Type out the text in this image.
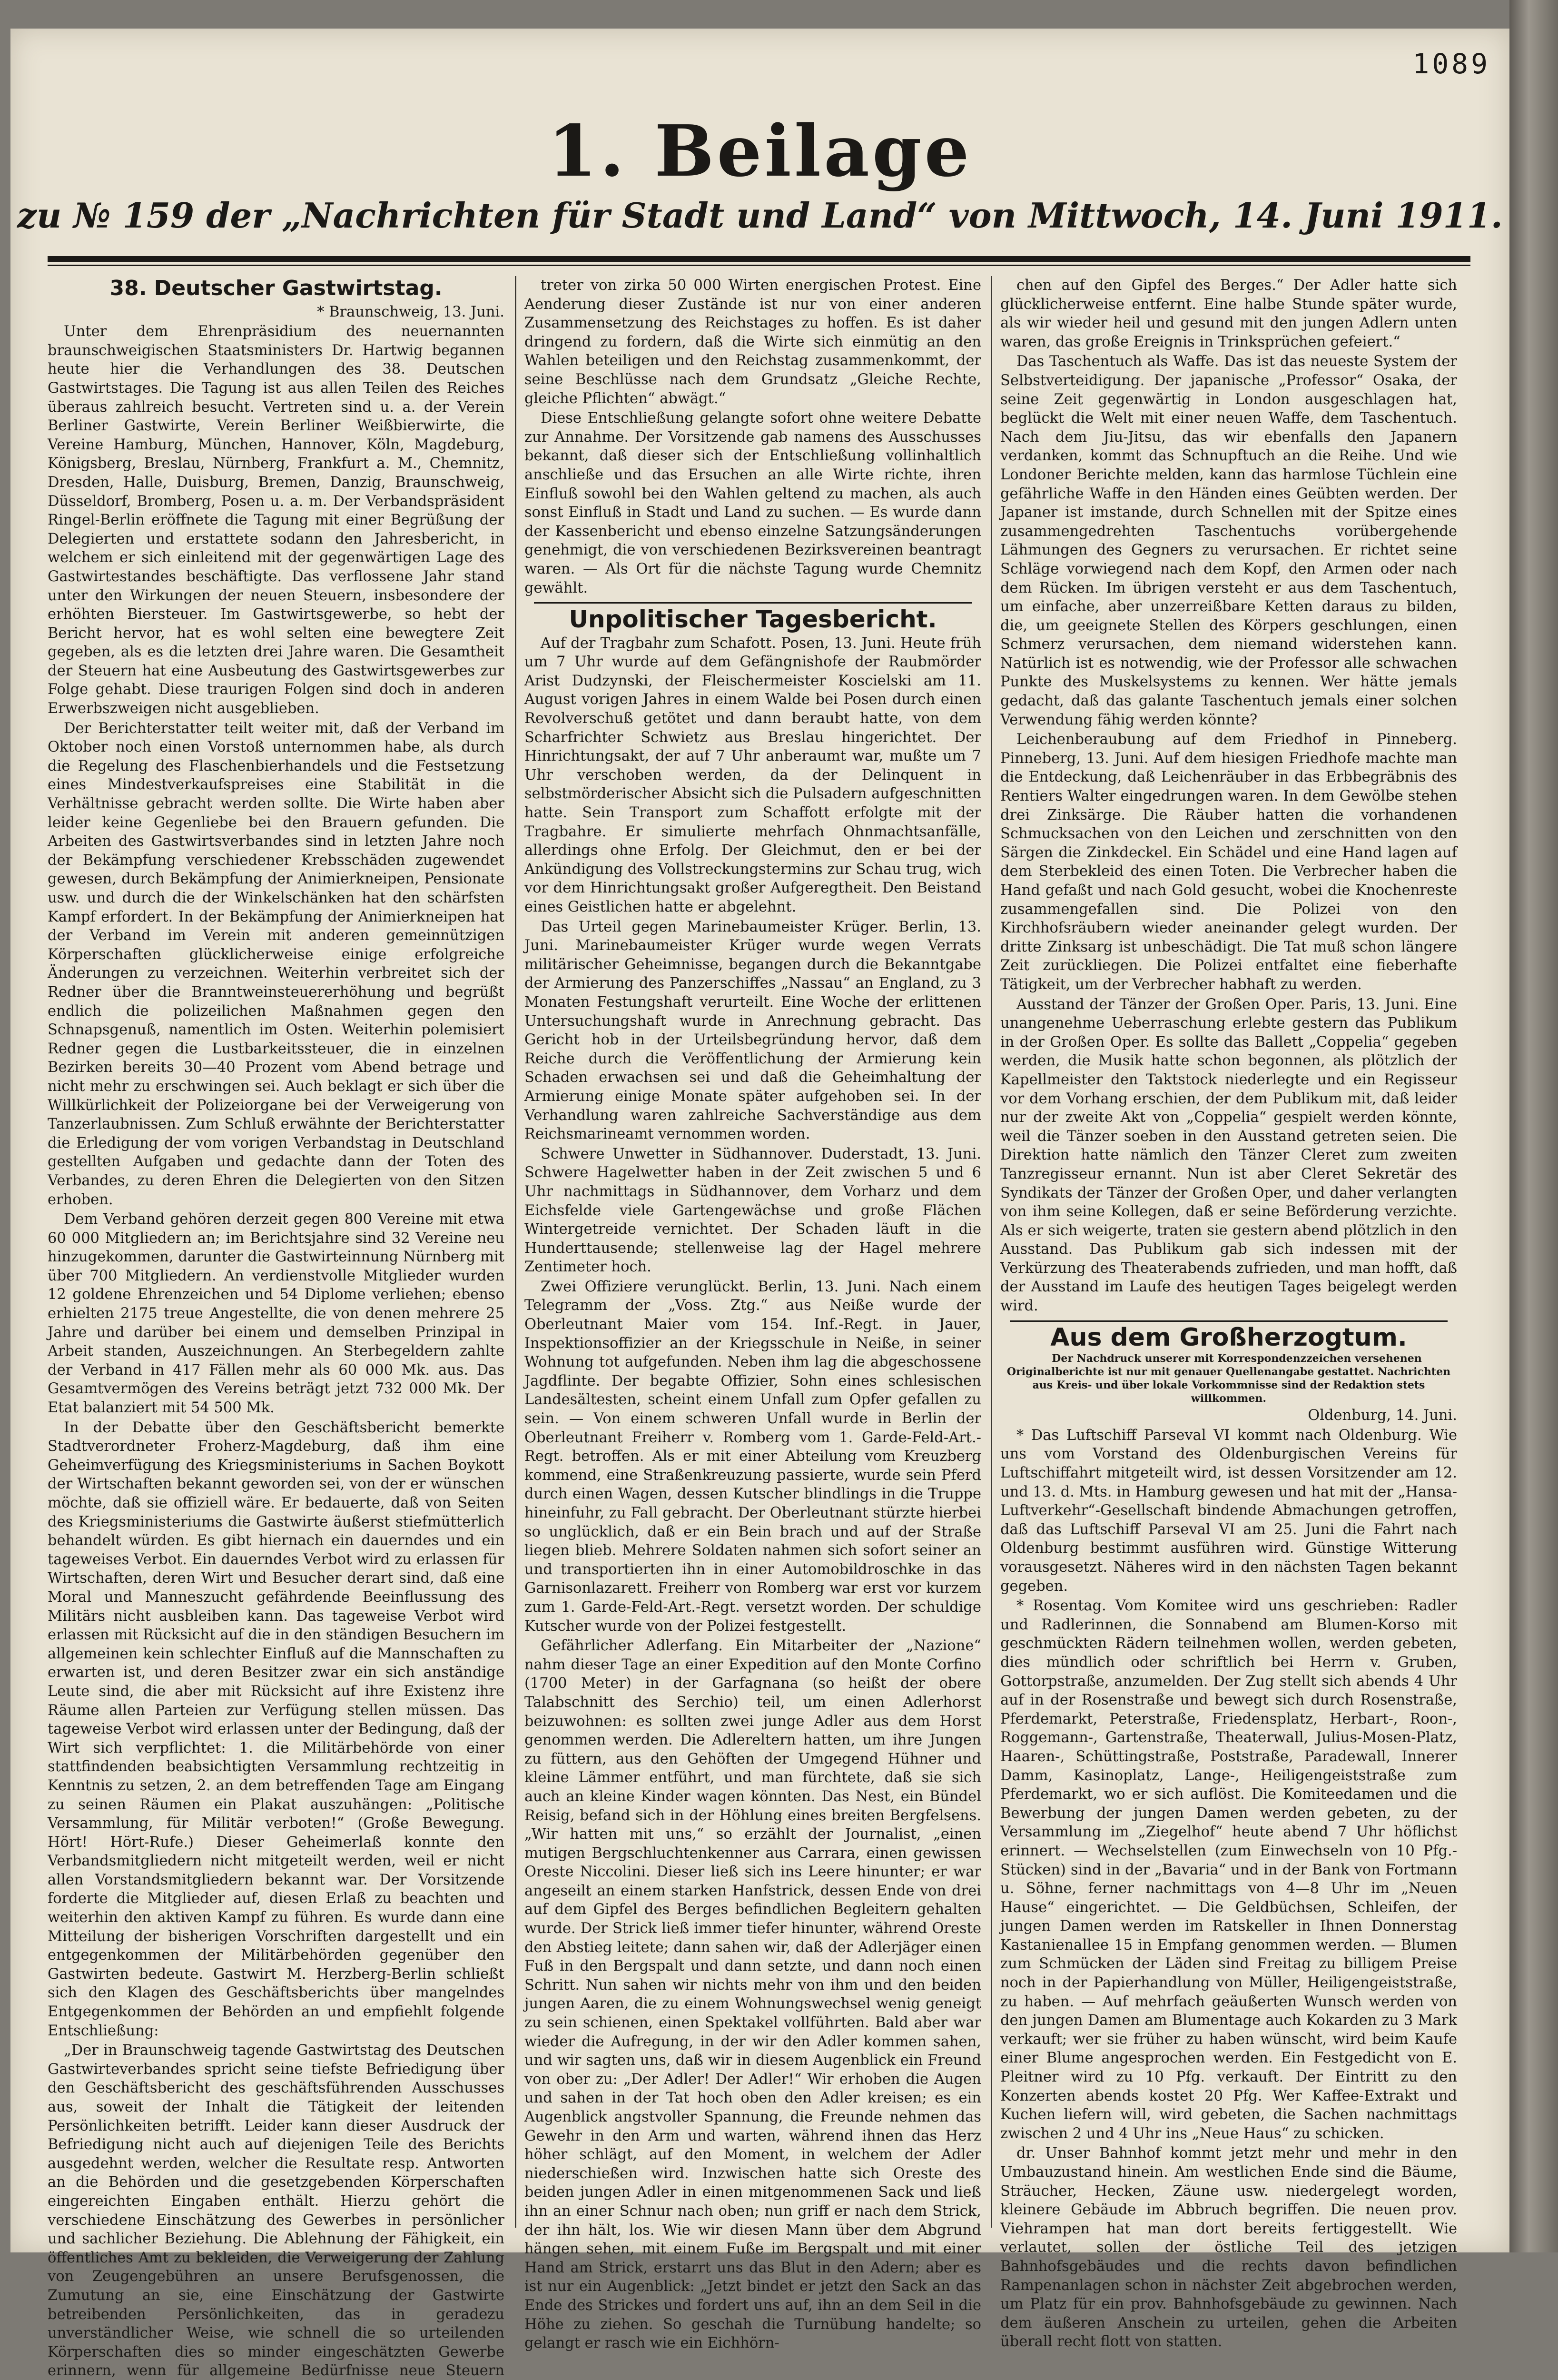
1089
1. Beilage
zu № 159 der „Nachrichten für Stadt und Land“ von Mittwoch, 14. Juni 1911.
38. Deutscher Gastwirtstag.

* Braunschweig, 13. Juni.

Unter dem Ehrenpräsidium des neuernannten braunschweigischen Staatsministers Dr. Hartwig begannen heute hier die Verhandlungen des 38. Deutschen Gastwirtstages. Die Tagung ist aus allen Teilen des Reiches überaus zahlreich besucht. Vertreten sind u. a. der Verein Berliner Gastwirte, Verein Berliner Weißbierwirte, die Vereine Hamburg, München, Hannover, Köln, Magdeburg, Königsberg, Breslau, Nürnberg, Frankfurt a. M., Chemnitz, Dresden, Halle, Duisburg, Bremen, Danzig, Braunschweig, Düsseldorf, Bromberg, Posen u. a. m. Der Verbandspräsident Ringel-Berlin eröffnete die Tagung mit einer Begrüßung der Delegierten und erstattete sodann den Jahresbericht, in welchem er sich einleitend mit der gegenwärtigen Lage des Gastwirtestandes beschäftigte. Das verflossene Jahr stand unter den Wirkungen der neuen Steuern, insbesondere der erhöhten Biersteuer. Im Gastwirtsgewerbe, so hebt der Bericht hervor, hat es wohl selten eine bewegtere Zeit gegeben, als es die letzten drei Jahre waren. Die Gesamtheit der Steuern hat eine Ausbeutung des Gastwirtsgewerbes zur Folge gehabt. Diese traurigen Folgen sind doch in anderen Erwerbszweigen nicht ausgeblieben.

Der Berichterstatter teilt weiter mit, daß der Verband im Oktober noch einen Vorstoß unternommen habe, als durch die Regelung des Flaschenbierhandels und die Festsetzung eines Mindestverkaufspreises eine Stabilität in die Verhältnisse gebracht werden sollte. Die Wirte haben aber leider keine Gegenliebe bei den Brauern gefunden. Die Arbeiten des Gastwirtsverbandes sind in letzten Jahre noch der Bekämpfung verschiedener Krebsschäden zugewendet gewesen, durch Bekämpfung der Animierkneipen, Pensionate usw. und durch die der Winkelschänken hat den schärfsten Kampf erfordert. In der Bekämpfung der Animierkneipen hat der Verband im Verein mit anderen gemeinnützigen Körperschaften glücklicherweise einige erfolgreiche Änderungen zu verzeichnen. Weiterhin verbreitet sich der Redner über die Branntweinsteuererhöhung und begrüßt endlich die polizeilichen Maßnahmen gegen den Schnapsgenuß, namentlich im Osten. Weiterhin polemisiert Redner gegen die Lustbarkeitssteuer, die in einzelnen Bezirken bereits 30—40 Prozent vom Abend betrage und nicht mehr zu erschwingen sei. Auch beklagt er sich über die Willkürlichkeit der Polizeiorgane bei der Verweigerung von Tanzerlaubnissen. Zum Schluß erwähnte der Berichterstatter die Erledigung der vom vorigen Verbandstag in Deutschland gestellten Aufgaben und gedachte dann der Toten des Verbandes, zu deren Ehren die Delegierten von den Sitzen erhoben.

Dem Verband gehören derzeit gegen 800 Vereine mit etwa 60 000 Mitgliedern an; im Berichtsjahre sind 32 Vereine neu hinzugekommen, darunter die Gastwirteinnung Nürnberg mit über 700 Mitgliedern. An verdienstvolle Mitglieder wurden 12 goldene Ehrenzeichen und 54 Diplome verliehen; ebenso erhielten 2175 treue Angestellte, die von denen mehrere 25 Jahre und darüber bei einem und demselben Prinzipal in Arbeit standen, Auszeichnungen. An Sterbegeldern zahlte der Verband in 417 Fällen mehr als 60 000 Mk. aus. Das Gesamtvermögen des Vereins beträgt jetzt 732 000 Mk. Der Etat balanziert mit 54 500 Mk.

In der Debatte über den Geschäftsbericht bemerkte Stadtverordneter Froherz-Magdeburg, daß ihm eine Geheimverfügung des Kriegsministeriums in Sachen Boykott der Wirtschaften bekannt geworden sei, von der er wünschen möchte, daß sie offiziell wäre. Er bedauerte, daß von Seiten des Kriegsministeriums die Gastwirte äußerst stiefmütterlich behandelt würden. Es gibt hiernach ein dauerndes und ein tageweises Verbot. Ein dauerndes Verbot wird zu erlassen für Wirtschaften, deren Wirt und Besucher derart sind, daß eine Moral und Manneszucht gefährdende Beeinflussung des Militärs nicht ausbleiben kann. Das tageweise Verbot wird erlassen mit Rücksicht auf die in den ständigen Besuchern im allgemeinen kein schlechter Einfluß auf die Mannschaften zu erwarten ist, und deren Besitzer zwar ein sich anständige Leute sind, die aber mit Rücksicht auf ihre Existenz ihre Räume allen Parteien zur Verfügung stellen müssen. Das tageweise Verbot wird erlassen unter der Bedingung, daß der Wirt sich verpflichtet: 1. die Militärbehörde von einer stattfindenden beabsichtigten Versammlung rechtzeitig in Kenntnis zu setzen, 2. an dem betreffenden Tage am Eingang zu seinen Räumen ein Plakat auszuhängen: „Politische Versammlung, für Militär verboten!“ (Große Bewegung. Hört! Hört-Rufe.) Dieser Geheimerlaß konnte den Verbandsmitgliedern nicht mitgeteilt werden, weil er nicht allen Vorstandsmitgliedern bekannt war. Der Vorsitzende forderte die Mitglieder auf, diesen Erlaß zu beachten und weiterhin den aktiven Kampf zu führen. Es wurde dann eine Mitteilung der bisherigen Vorschriften dargestellt und ein entgegenkommen der Militärbehörden gegenüber den Gastwirten bedeute. Gastwirt M. Herzberg-Berlin schließt sich den Klagen des Geschäftsberichts über mangelndes Entgegenkommen der Behörden an und empfiehlt folgende Entschließung:

„Der in Braunschweig tagende Gastwirtstag des Deutschen Gastwirteverbandes spricht seine tiefste Befriedigung über den Geschäftsbericht des geschäftsführenden Ausschusses aus, soweit der Inhalt die Tätigkeit der leitenden Persönlichkeiten betrifft. Leider kann dieser Ausdruck der Befriedigung nicht auch auf diejenigen Teile des Berichts ausgedehnt werden, welcher die Resultate resp. Antworten an die Behörden und die gesetzgebenden Körperschaften eingereichten Eingaben enthält. Hierzu gehört die verschiedene Einschätzung des Gewerbes in persönlicher und sachlicher Beziehung. Die Ablehnung der Fähigkeit, ein öffentliches Amt zu bekleiden, die Verweigerung der Zahlung von Zeugengebühren an unsere Berufsgenossen, die Zumutung an sie, eine Einschätzung der Gastwirte betreibenden Persönlichkeiten, das in geradezu unverständlicher Weise, wie schnell die so urteilenden Körperschaften dies so minder eingeschätzten Gewerbe erinnern, wenn für allgemeine Bedürfnisse neue Steuern

treter von zirka 50 000 Wirten energischen Protest. Eine Aenderung dieser Zustände ist nur von einer anderen Zusammensetzung des Reichstages zu hoffen. Es ist daher dringend zu fordern, daß die Wirte sich einmütig an den Wahlen beteiligen und den Reichstag zusammenkommt, der seine Beschlüsse nach dem Grundsatz „Gleiche Rechte, gleiche Pflichten“ abwägt.“

Diese Entschließung gelangte sofort ohne weitere Debatte zur Annahme. Der Vorsitzende gab namens des Ausschusses bekannt, daß dieser sich der Entschließung vollinhaltlich anschließe und das Ersuchen an alle Wirte richte, ihren Einfluß sowohl bei den Wahlen geltend zu machen, als auch sonst Einfluß in Stadt und Land zu suchen. — Es wurde dann der Kassenbericht und ebenso einzelne Satzungsänderungen genehmigt, die von verschiedenen Bezirksvereinen beantragt waren. — Als Ort für die nächste Tagung wurde Chemnitz gewählt.

Unpolitischer Tagesbericht.

Auf der Tragbahr zum Schafott. Posen, 13. Juni. Heute früh um 7 Uhr wurde auf dem Gefängnishofe der Raubmörder Arist Dudzynski, der Fleischermeister Koscielski am 11. August vorigen Jahres in einem Walde bei Posen durch einen Revolverschuß getötet und dann beraubt hatte, von dem Scharfrichter Schwietz aus Breslau hingerichtet. Der Hinrichtungsakt, der auf 7 Uhr anberaumt war, mußte um 7 Uhr verschoben werden, da der Delinquent in selbstmörderischer Absicht sich die Pulsadern aufgeschnitten hatte. Sein Transport zum Schaffott erfolgte mit der Tragbahre. Er simulierte mehrfach Ohnmachtsanfälle, allerdings ohne Erfolg. Der Gleichmut, den er bei der Ankündigung des Vollstreckungstermins zur Schau trug, wich vor dem Hinrichtungsakt großer Aufgeregtheit. Den Beistand eines Geistlichen hatte er abgelehnt.

Das Urteil gegen Marinebaumeister Krüger. Berlin, 13. Juni. Marinebaumeister Krüger wurde wegen Verrats militärischer Geheimnisse, begangen durch die Bekanntgabe der Armierung des Panzerschiffes „Nassau“ an England, zu 3 Monaten Festungshaft verurteilt. Eine Woche der erlittenen Untersuchungshaft wurde in Anrechnung gebracht. Das Gericht hob in der Urteilsbegründung hervor, daß dem Reiche durch die Veröffentlichung der Armierung kein Schaden erwachsen sei und daß die Geheimhaltung der Armierung einige Monate später aufgehoben sei. In der Verhandlung waren zahlreiche Sachverständige aus dem Reichsmarineamt vernommen worden.

Schwere Unwetter in Südhannover. Duderstadt, 13. Juni. Schwere Hagelwetter haben in der Zeit zwischen 5 und 6 Uhr nachmittags in Südhannover, dem Vorharz und dem Eichsfelde viele Gartengewächse und große Flächen Wintergetreide vernichtet. Der Schaden läuft in die Hunderttausende; stellenweise lag der Hagel mehrere Zentimeter hoch.

Zwei Offiziere verunglückt. Berlin, 13. Juni. Nach einem Telegramm der „Voss. Ztg.“ aus Neiße wurde der Oberleutnant Maier vom 154. Inf.-Regt. in Jauer, Inspektionsoffizier an der Kriegsschule in Neiße, in seiner Wohnung tot aufgefunden. Neben ihm lag die abgeschossene Jagdflinte. Der begabte Offizier, Sohn eines schlesischen Landesältesten, scheint einem Unfall zum Opfer gefallen zu sein. — Von einem schweren Unfall wurde in Berlin der Oberleutnant Freiherr v. Romberg vom 1. Garde-Feld-Art.-Regt. betroffen. Als er mit einer Abteilung vom Kreuzberg kommend, eine Straßenkreuzung passierte, wurde sein Pferd durch einen Wagen, dessen Kutscher blindlings in die Truppe hineinfuhr, zu Fall gebracht. Der Oberleutnant stürzte hierbei so unglücklich, daß er ein Bein brach und auf der Straße liegen blieb. Mehrere Soldaten nahmen sich sofort seiner an und transportierten ihn in einer Automobildroschke in das Garnisonlazarett. Freiherr von Romberg war erst vor kurzem zum 1. Garde-Feld-Art.-Regt. versetzt worden. Der schuldige Kutscher wurde von der Polizei festgestellt.

Gefährlicher Adlerfang. Ein Mitarbeiter der „Nazione“ nahm dieser Tage an einer Expedition auf den Monte Corfino (1700 Meter) in der Garfagnana (so heißt der obere Talabschnitt des Serchio) teil, um einen Adlerhorst beizuwohnen: es sollten zwei junge Adler aus dem Horst genommen werden. Die Adlereltern hatten, um ihre Jungen zu füttern, aus den Gehöften der Umgegend Hühner und kleine Lämmer entführt, und man fürchtete, daß sie sich auch an kleine Kinder wagen könnten. Das Nest, ein Bündel Reisig, befand sich in der Höhlung eines breiten Bergfelsens. „Wir hatten mit uns,“ so erzählt der Journalist, „einen mutigen Bergschluchtenkenner aus Carrara, einen gewissen Oreste Niccolini. Dieser ließ sich ins Leere hinunter; er war angeseilt an einem starken Hanfstrick, dessen Ende von drei auf dem Gipfel des Berges befindlichen Begleitern gehalten wurde. Der Strick ließ immer tiefer hinunter, während Oreste den Abstieg leitete; dann sahen wir, daß der Adlerjäger einen Fuß in den Bergspalt und dann setzte, und dann noch einen Schritt. Nun sahen wir nichts mehr von ihm und den beiden jungen Aaren, die zu einem Wohnungswechsel wenig geneigt zu sein schienen, einen Spektakel vollführten. Bald aber war wieder die Aufregung, in der wir den Adler kommen sahen, und wir sagten uns, daß wir in diesem Augenblick ein Freund von ober zu: „Der Adler! Der Adler!“ Wir erhoben die Augen und sahen in der Tat hoch oben den Adler kreisen; es ein Augenblick angstvoller Spannung, die Freunde nehmen das Gewehr in den Arm und warten, während ihnen das Herz höher schlägt, auf den Moment, in welchem der Adler niederschießen wird. Inzwischen hatte sich Oreste des beiden jungen Adler in einen mitgenommenen Sack und ließ ihn an einer Schnur nach oben; nun griff er nach dem Strick, der ihn hält, los. Wie wir diesen Mann über dem Abgrund hängen sehen, mit einem Fuße im Bergspalt und mit einer Hand am Strick, erstarrt uns das Blut in den Adern; aber es ist nur ein Augenblick: „Jetzt bindet er jetzt den Sack an das Ende des Strickes und fordert uns auf, ihn an dem Seil in die Höhe zu ziehen. So geschah die Turnübung handelte; so gelangt er rasch wie ein Eichhörn-

chen auf den Gipfel des Berges.“ Der Adler hatte sich glücklicherweise entfernt. Eine halbe Stunde später wurde, als wir wieder heil und gesund mit den jungen Adlern unten waren, das große Ereignis in Trinksprüchen gefeiert.“

Das Taschentuch als Waffe. Das ist das neueste System der Selbstverteidigung. Der japanische „Professor“ Osaka, der seine Zeit gegenwärtig in London ausgeschlagen hat, beglückt die Welt mit einer neuen Waffe, dem Taschentuch. Nach dem Jiu-Jitsu, das wir ebenfalls den Japanern verdanken, kommt das Schnupftuch an die Reihe. Und wie Londoner Berichte melden, kann das harmlose Tüchlein eine gefährliche Waffe in den Händen eines Geübten werden. Der Japaner ist imstande, durch Schnellen mit der Spitze eines zusammengedrehten Taschentuchs vorübergehende Lähmungen des Gegners zu verursachen. Er richtet seine Schläge vorwiegend nach dem Kopf, den Armen oder nach dem Rücken. Im übrigen versteht er aus dem Taschentuch, um einfache, aber unzerreißbare Ketten daraus zu bilden, die, um geeignete Stellen des Körpers geschlungen, einen Schmerz verursachen, dem niemand widerstehen kann. Natürlich ist es notwendig, wie der Professor alle schwachen Punkte des Muskelsystems zu kennen. Wer hätte jemals gedacht, daß das galante Taschentuch jemals einer solchen Verwendung fähig werden könnte?

Leichenberaubung auf dem Friedhof in Pinneberg. Pinneberg, 13. Juni. Auf dem hiesigen Friedhofe machte man die Entdeckung, daß Leichenräuber in das Erbbegräbnis des Rentiers Walter eingedrungen waren. In dem Gewölbe stehen drei Zinksärge. Die Räuber hatten die vorhandenen Schmucksachen von den Leichen und zerschnitten von den Särgen die Zinkdeckel. Ein Schädel und eine Hand lagen auf dem Sterbekleid des einen Toten. Die Verbrecher haben die Hand gefaßt und nach Gold gesucht, wobei die Knochenreste zusammengefallen sind. Die Polizei von den Kirchhofsräubern wieder aneinander gelegt wurden. Der dritte Zinksarg ist unbeschädigt. Die Tat muß schon längere Zeit zurückliegen. Die Polizei entfaltet eine fieberhafte Tätigkeit, um der Verbrecher habhaft zu werden.

Ausstand der Tänzer der Großen Oper. Paris, 13. Juni. Eine unangenehme Ueberraschung erlebte gestern das Publikum in der Großen Oper. Es sollte das Ballett „Coppelia“ gegeben werden, die Musik hatte schon begonnen, als plötzlich der Kapellmeister den Taktstock niederlegte und ein Regisseur vor dem Vorhang erschien, der dem Publikum mit, daß leider nur der zweite Akt von „Coppelia“ gespielt werden könnte, weil die Tänzer soeben in den Ausstand getreten seien. Die Direktion hatte nämlich den Tänzer Cleret zum zweiten Tanzregisseur ernannt. Nun ist aber Cleret Sekretär des Syndikats der Tänzer der Großen Oper, und daher verlangten von ihm seine Kollegen, daß er seine Beförderung verzichte. Als er sich weigerte, traten sie gestern abend plötzlich in den Ausstand. Das Publikum gab sich indessen mit der Verkürzung des Theaterabends zufrieden, und man hofft, daß der Ausstand im Laufe des heutigen Tages beigelegt werden wird.

Aus dem Großherzogtum.

Der Nachdruck unserer mit Korrespondenzzeichen versehenen Originalberichte ist nur mit genauer Quellenangabe gestattet. Nachrichten aus Kreis- und über lokale Vorkommnisse sind der Redaktion stets willkommen.

Oldenburg, 14. Juni.

* Das Luftschiff Parseval VI kommt nach Oldenburg. Wie uns vom Vorstand des Oldenburgischen Vereins für Luftschiffahrt mitgeteilt wird, ist dessen Vorsitzender am 12. und 13. d. Mts. in Hamburg gewesen und hat mit der „Hansa-Luftverkehr“-Gesellschaft bindende Abmachungen getroffen, daß das Luftschiff Parseval VI am 25. Juni die Fahrt nach Oldenburg bestimmt ausführen wird. Günstige Witterung vorausgesetzt. Näheres wird in den nächsten Tagen bekannt gegeben.

* Rosentag. Vom Komitee wird uns geschrieben: Radler und Radlerinnen, die Sonnabend am Blumen-Korso mit geschmückten Rädern teilnehmen wollen, werden gebeten, dies mündlich oder schriftlich bei Herrn v. Gruben, Gottorpstraße, anzumelden. Der Zug stellt sich abends 4 Uhr auf in der Rosenstraße und bewegt sich durch Rosenstraße, Pferdemarkt, Peterstraße, Friedensplatz, Herbart-, Roon-, Roggemann-, Gartenstraße, Theaterwall, Julius-Mosen-Platz, Haaren-, Schüttingstraße, Poststraße, Paradewall, Innerer Damm, Kasinoplatz, Lange-, Heiligengeiststraße zum Pferdemarkt, wo er sich auflöst. Die Komiteedamen und die Bewerbung der jungen Damen werden gebeten, zu der Versammlung im „Ziegelhof“ heute abend 7 Uhr höflichst erinnert. — Wechselstellen (zum Einwechseln von 10 Pfg.-Stücken) sind in der „Bavaria“ und in der Bank von Fortmann u. Söhne, ferner nachmittags von 4—8 Uhr im „Neuen Hause“ eingerichtet. — Die Geldbüchsen, Schleifen, der jungen Damen werden im Ratskeller in Ihnen Donnerstag Kastanienallee 15 in Empfang genommen werden. — Blumen zum Schmücken der Läden sind Freitag zu billigem Preise noch in der Papierhandlung von Müller, Heiligengeiststraße, zu haben. — Auf mehrfach geäußerten Wunsch werden von den jungen Damen am Blumentage auch Kokarden zu 3 Mark verkauft; wer sie früher zu haben wünscht, wird beim Kaufe einer Blume angesprochen werden. Ein Festgedicht von E. Pleitner wird zu 10 Pfg. verkauft. Der Eintritt zu den Konzerten abends kostet 20 Pfg. Wer Kaffee-Extrakt und Kuchen liefern will, wird gebeten, die Sachen nachmittags zwischen 2 und 4 Uhr ins „Neue Haus“ zu schicken.

dr. Unser Bahnhof kommt jetzt mehr und mehr in den Umbauzustand hinein. Am westlichen Ende sind die Bäume, Sträucher, Hecken, Zäune usw. niedergelegt worden, kleinere Gebäude im Abbruch begriffen. Die neuen prov. Viehrampen hat man dort bereits fertiggestellt. Wie verlautet, sollen der östliche Teil des jetzigen Bahnhofsgebäudes und die rechts davon befindlichen Rampenanlagen schon in nächster Zeit abgebrochen werden, um Platz für ein prov. Bahnhofsgebäude zu gewinnen. Nach dem äußeren Anschein zu urteilen, gehen die Arbeiten überall recht flott von statten.
